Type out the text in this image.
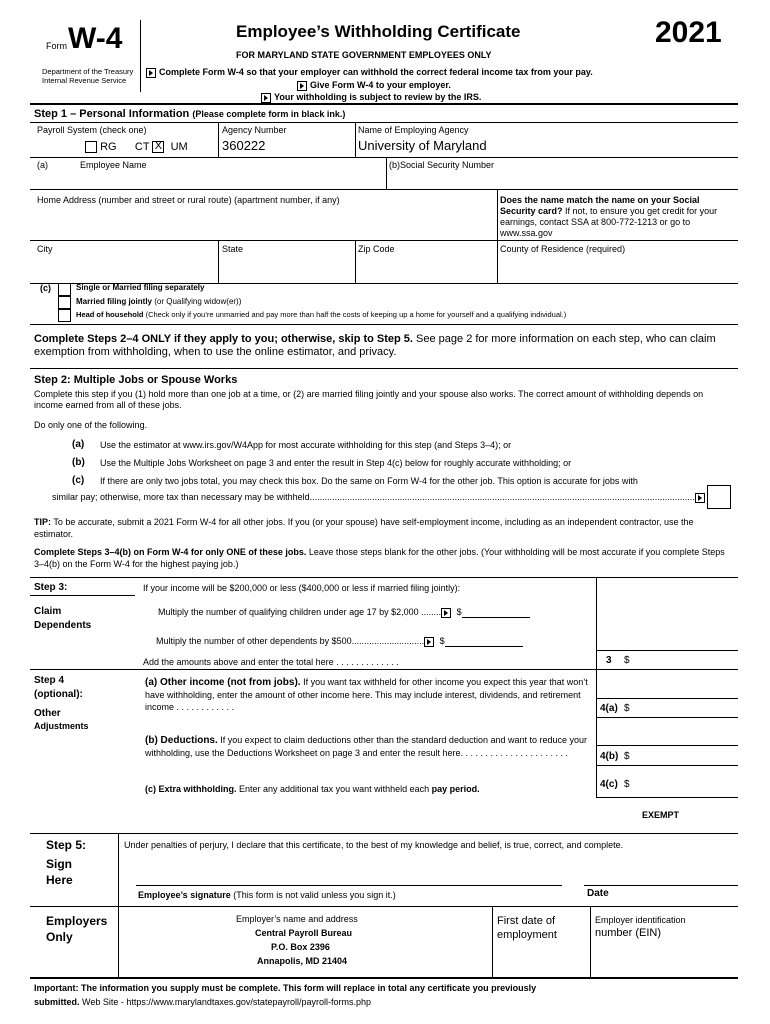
Form W-4
Department of the Treasury
Internal Revenue Service
Employee’s Withholding Certificate
FOR MARYLAND STATE GOVERNMENT EMPLOYEES ONLY
Complete Form W-4 so that your employer can withhold the correct federal income tax from your pay.
Give Form W-4 to your employer.
Your withholding is subject to review by the IRS.
2021
Step 1 – Personal Information (Please complete form in black ink.)
Payroll System (check one)
RG CT X UM
Agency Number
360222
Name of Employing Agency
University of Maryland
(a)	Employee Name	(b)Social Security Number
Home Address (number and street or rural route) (apartment number, if any)	Does the name match the name on your Social Security card? If not, to ensure you get credit for your earnings, contact SSA at 800-772-1213 or go to www.ssa.gov
City	State	Zip Code	County of Residence (required)
(c)	Single or Married filing separately
Married filing jointly (or Qualifying widow(er))
Head of household (Check only if you’re unmarried and pay more than half the costs of keeping up a home for yourself and a qualifying individual.)
Complete Steps 2–4 ONLY if they apply to you; otherwise, skip to Step 5. See page 2 for more information on each step, who can claim exemption from withholding, when to use the online estimator, and privacy.
Step 2: Multiple Jobs or Spouse Works
Complete this step if you (1) hold more than one job at a time, or (2) are married filing jointly and your spouse also works. The correct amount of withholding depends on income earned from all of these jobs.
Do only one of the following.
(a) Use the estimator at www.irs.gov/W4App for most accurate withholding for this step (and Steps 3–4); or
(b) Use the Multiple Jobs Worksheet on page 3 and enter the result in Step 4(c) below for roughly accurate withholding; or
(c) If there are only two jobs total, you may check this box. Do the same on Form W-4 for the other job. This option is accurate for jobs with
similar pay; otherwise, more tax than necessary may be withheld..........................................................................................................................................................
TIP: To be accurate, submit a 2021 Form W-4 for all other jobs. If you (or your spouse) have self-employment income, including as an independent contractor, use the estimator.
Complete Steps 3–4(b) on Form W-4 for only ONE of these jobs. Leave those steps blank for the other jobs. (Your withholding will be most accurate if you complete Steps 3–4(b) on the Form W-4 for the highest paying job.)
Step 3:
Claim
Dependents
If your income will be $200,000 or less ($400,000 or less if married filing jointly):
Multiply the number of qualifying children under age 17 by $2,000 ........ $
Multiply the number of other dependents by $500............................. $
Add the amounts above and enter the total here . . . . . . . . . . . . .	3 $
Step 4
(optional):
Other
Adjustments
(a) Other income (not from jobs). If you want tax withheld for other income you expect this year that won’t have withholding, enter the amount of other income here. This may include interest, dividends, and retirement income . . . . . . . . . . . .	4(a) $
(b) Deductions. If you expect to claim deductions other than the standard deduction and want to reduce your withholding, use the Deductions Worksheet on page 3 and enter the result here. . . . . . . . . . . . . . . . . . . . . .	4(b) $
(c) Extra withholding. Enter any additional tax you want withheld each pay period.	4(c) $
EXEMPT
Step 5:
Sign
Here
Under penalties of perjury, I declare that this certificate, to the best of my knowledge and belief, is true, correct, and complete.
Employee’s signature (This form is not valid unless you sign it.)	Date
Employers
Only
Employer’s name and address
Central Payroll Bureau
P.O. Box 2396
Annapolis, MD 21404
First date of
employment
Employer identification
number (EIN)
Important: The information you supply must be complete. This form will replace in total any certificate you previously
submitted. Web Site - https://www.marylandtaxes.gov/statepayroll/payroll-forms.php
